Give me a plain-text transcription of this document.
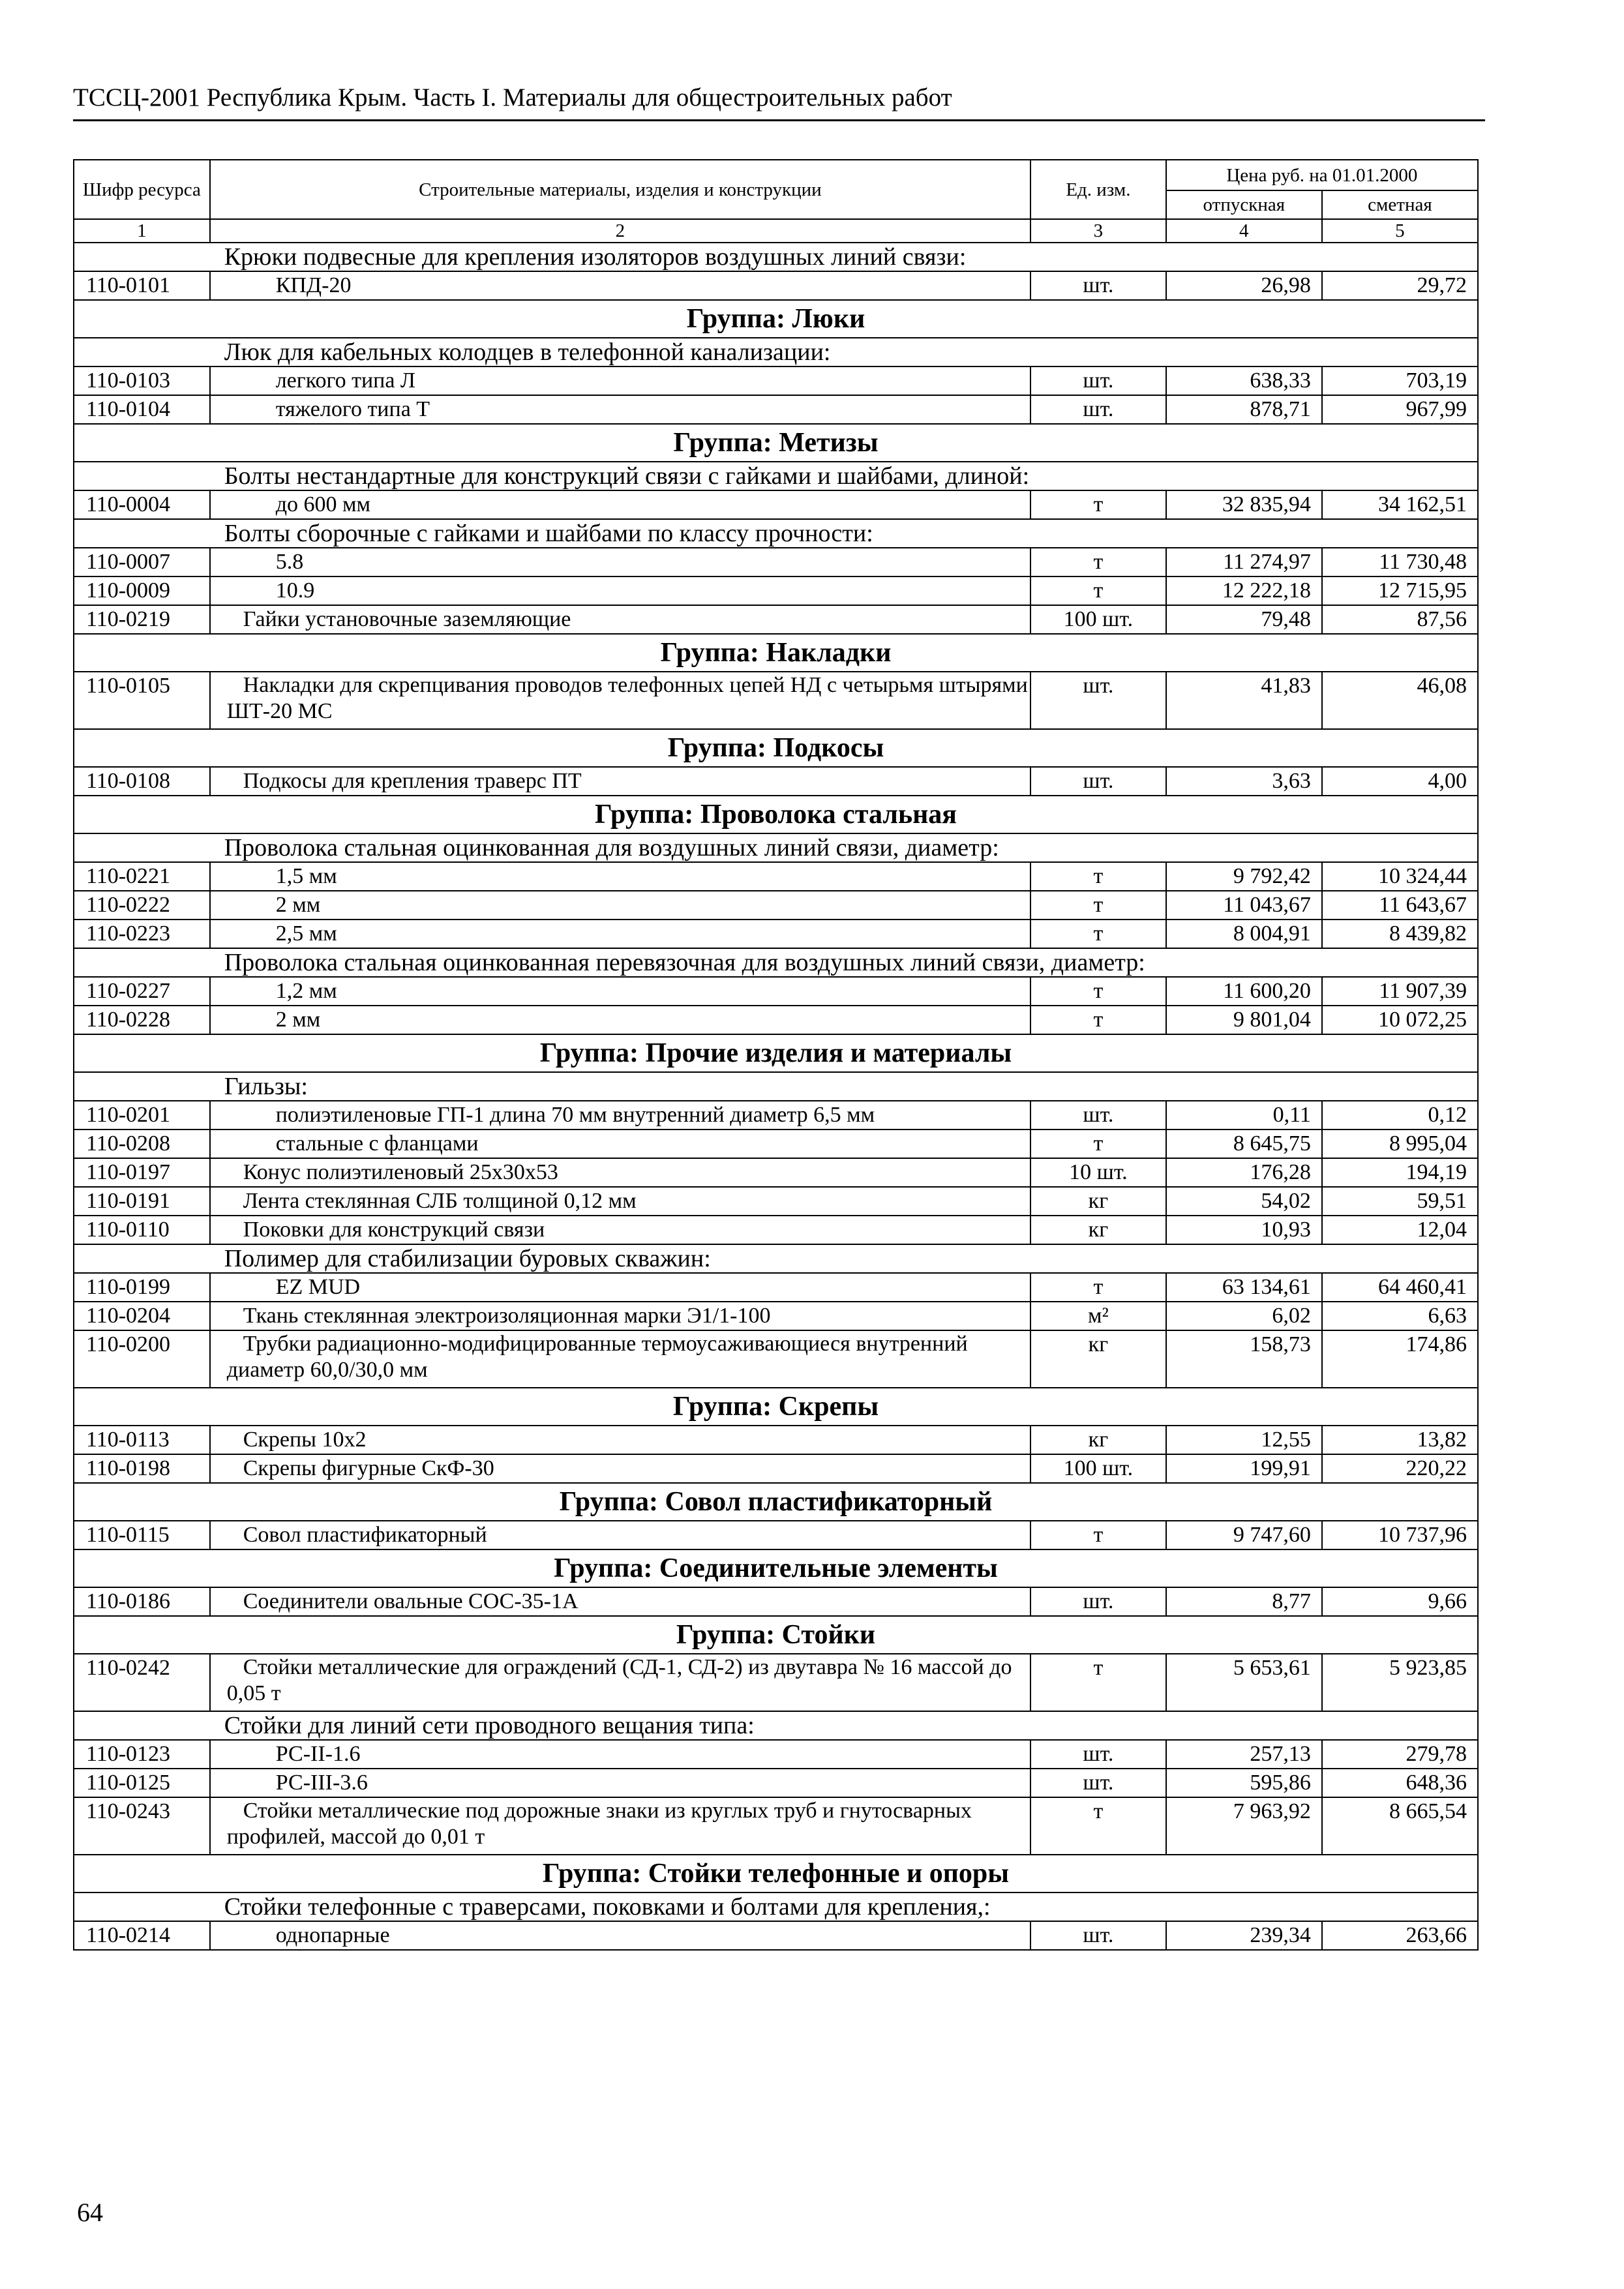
ТССЦ-2001 Республика Крым. Часть I. Материалы для общестроительных работ
Шифр ресурса	Строительные материалы, изделия и конструкции	Ед. изм.	Цена руб. на 01.01.2000	
			отпускная	сметная
1	2	3	4	5
	Крюки подвесные для крепления изоляторов воздушных линий связи:			
110-0101	КПД-20	шт.	26,98	29,72
Группа: Люки				
	Люк для кабельных колодцев в телефонной канализации:			
110-0103	легкого типа Л	шт.	638,33	703,19
110-0104	тяжелого типа Т	шт.	878,71	967,99
Группа: Метизы				
	Болты нестандартные для конструкций связи с гайками и шайбами, длиной:			
110-0004	до 600 мм	т	32 835,94	34 162,51
	Болты сборочные с гайками и шайбами по классу прочности:			
110-0007	5.8	т	11 274,97	11 730,48
110-0009	10.9	т	12 222,18	12 715,95
110-0219	Гайки установочные заземляющие	100 шт.	79,48	87,56
Группа: Накладки				
110-0105	Накладки для скрепцивания проводов телефонных цепей НД с четырьмя штырями ШТ-20 МС	шт.	41,83	46,08
Группа: Подкосы				
110-0108	Подкосы для крепления траверс ПТ	шт.	3,63	4,00
Группа: Проволока стальная				
	Проволока стальная оцинкованная для воздушных линий связи, диаметр:			
110-0221	1,5 мм	т	9 792,42	10 324,44
110-0222	2 мм	т	11 043,67	11 643,67
110-0223	2,5 мм	т	8 004,91	8 439,82
	Проволока стальная оцинкованная перевязочная для воздушных линий связи, диаметр:			
110-0227	1,2 мм	т	11 600,20	11 907,39
110-0228	2 мм	т	9 801,04	10 072,25
Группа: Прочие изделия и материалы				
	Гильзы:			
110-0201	полиэтиленовые ГП-1 длина 70 мм внутренний диаметр 6,5 мм	шт.	0,11	0,12
110-0208	стальные с фланцами	т	8 645,75	8 995,04
110-0197	Конус полиэтиленовый 25х30х53	10 шт.	176,28	194,19
110-0191	Лента стеклянная СЛБ толщиной 0,12 мм	кг	54,02	59,51
110-0110	Поковки для конструкций связи	кг	10,93	12,04
	Полимер для стабилизации буровых скважин:			
110-0199	EZ MUD	т	63 134,61	64 460,41
110-0204	Ткань стеклянная электроизоляционная марки Э1/1-100	м²	6,02	6,63
110-0200	Трубки радиационно-модифицированные термоусаживающиеся внутренний диаметр 60,0/30,0 мм	кг	158,73	174,86
Группа: Скрепы				
110-0113	Скрепы 10х2	кг	12,55	13,82
110-0198	Скрепы фигурные СкФ-30	100 шт.	199,91	220,22
Группа: Совол пластификаторный				
110-0115	Совол пластификаторный	т	9 747,60	10 737,96
Группа: Соединительные элементы				
110-0186	Соединители овальные СОС-35-1А	шт.	8,77	9,66
Группа: Стойки				
110-0242	Стойки металлические для ограждений (СД-1, СД-2) из двутавра № 16 массой до 0,05 т	т	5 653,61	5 923,85
	Стойки для линий сети проводного вещания типа:			
110-0123	РС-II-1.6	шт.	257,13	279,78
110-0125	РС-III-3.6	шт.	595,86	648,36
110-0243	Стойки металлические под дорожные знаки из круглых труб и гнутосварных профилей, массой до 0,01 т	т	7 963,92	8 665,54
Группа: Стойки телефонные и опоры				
	Стойки телефонные с траверсами, поковками и болтами для крепления,:			
110-0214	однопарные	шт.	239,34	263,66
64
